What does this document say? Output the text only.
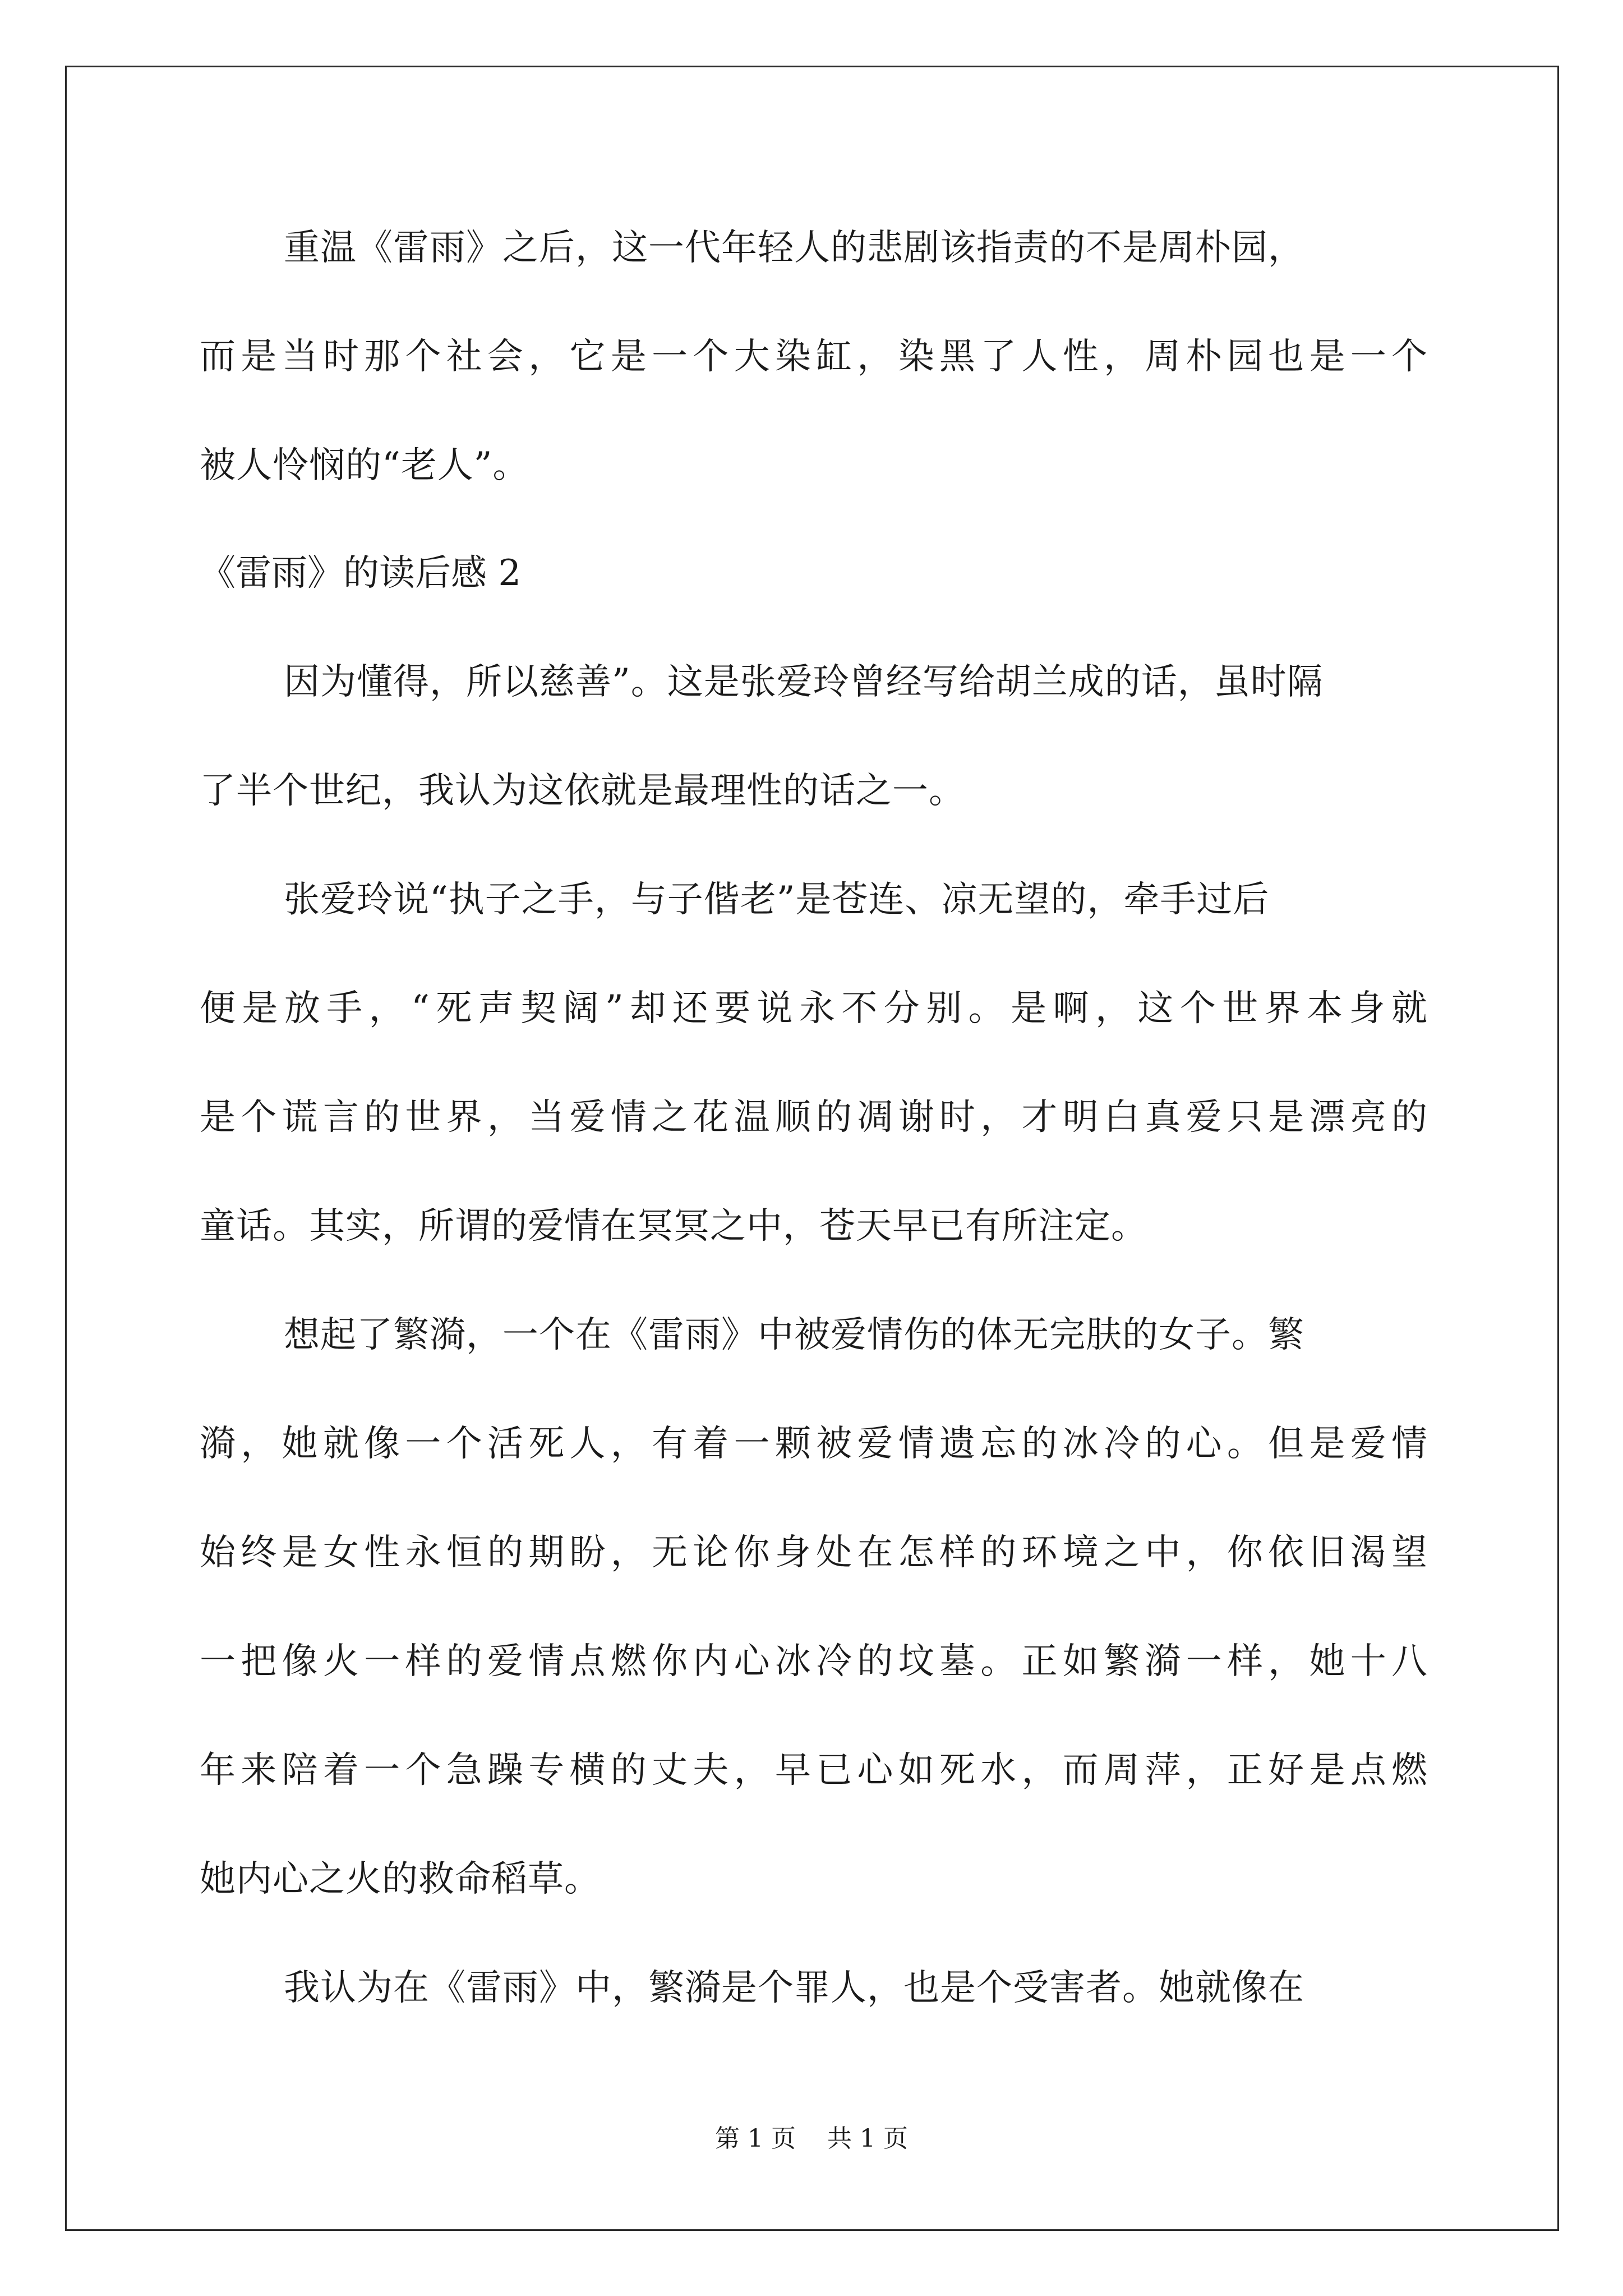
重温《雷雨》之后，这一代年轻人的悲剧该指责的不是周朴园，
而是当时那个社会，它是一个大染缸，染黑了人性，周朴园也是一个
被人怜悯的“老人”。
《雷雨》的读后感 2
因为懂得，所以慈善”。这是张爱玲曾经写给胡兰成的话，虽时隔
了半个世纪，我认为这依就是最理性的话之一。
张爱玲说“执子之手，与子偕老”是苍连、凉无望的，牵手过后
便是放手，“死声契阔”却还要说永不分别。是啊，这个世界本身就
是个谎言的世界，当爱情之花温顺的凋谢时，才明白真爱只是漂亮的
童话。其实，所谓的爱情在冥冥之中，苍天早已有所注定。
想起了繁漪，一个在《雷雨》中被爱情伤的体无完肤的女子。繁
漪，她就像一个活死人，有着一颗被爱情遗忘的冰冷的心。但是爱情
始终是女性永恒的期盼，无论你身处在怎样的环境之中，你依旧渴望
一把像火一样的爱情点燃你内心冰冷的坟墓。正如繁漪一样，她十八
年来陪着一个急躁专横的丈夫，早已心如死水，而周萍，正好是点燃
她内心之火的救命稻草。
我认为在《雷雨》中，繁漪是个罪人，也是个受害者。她就像在
第 1 页 共 1 页
